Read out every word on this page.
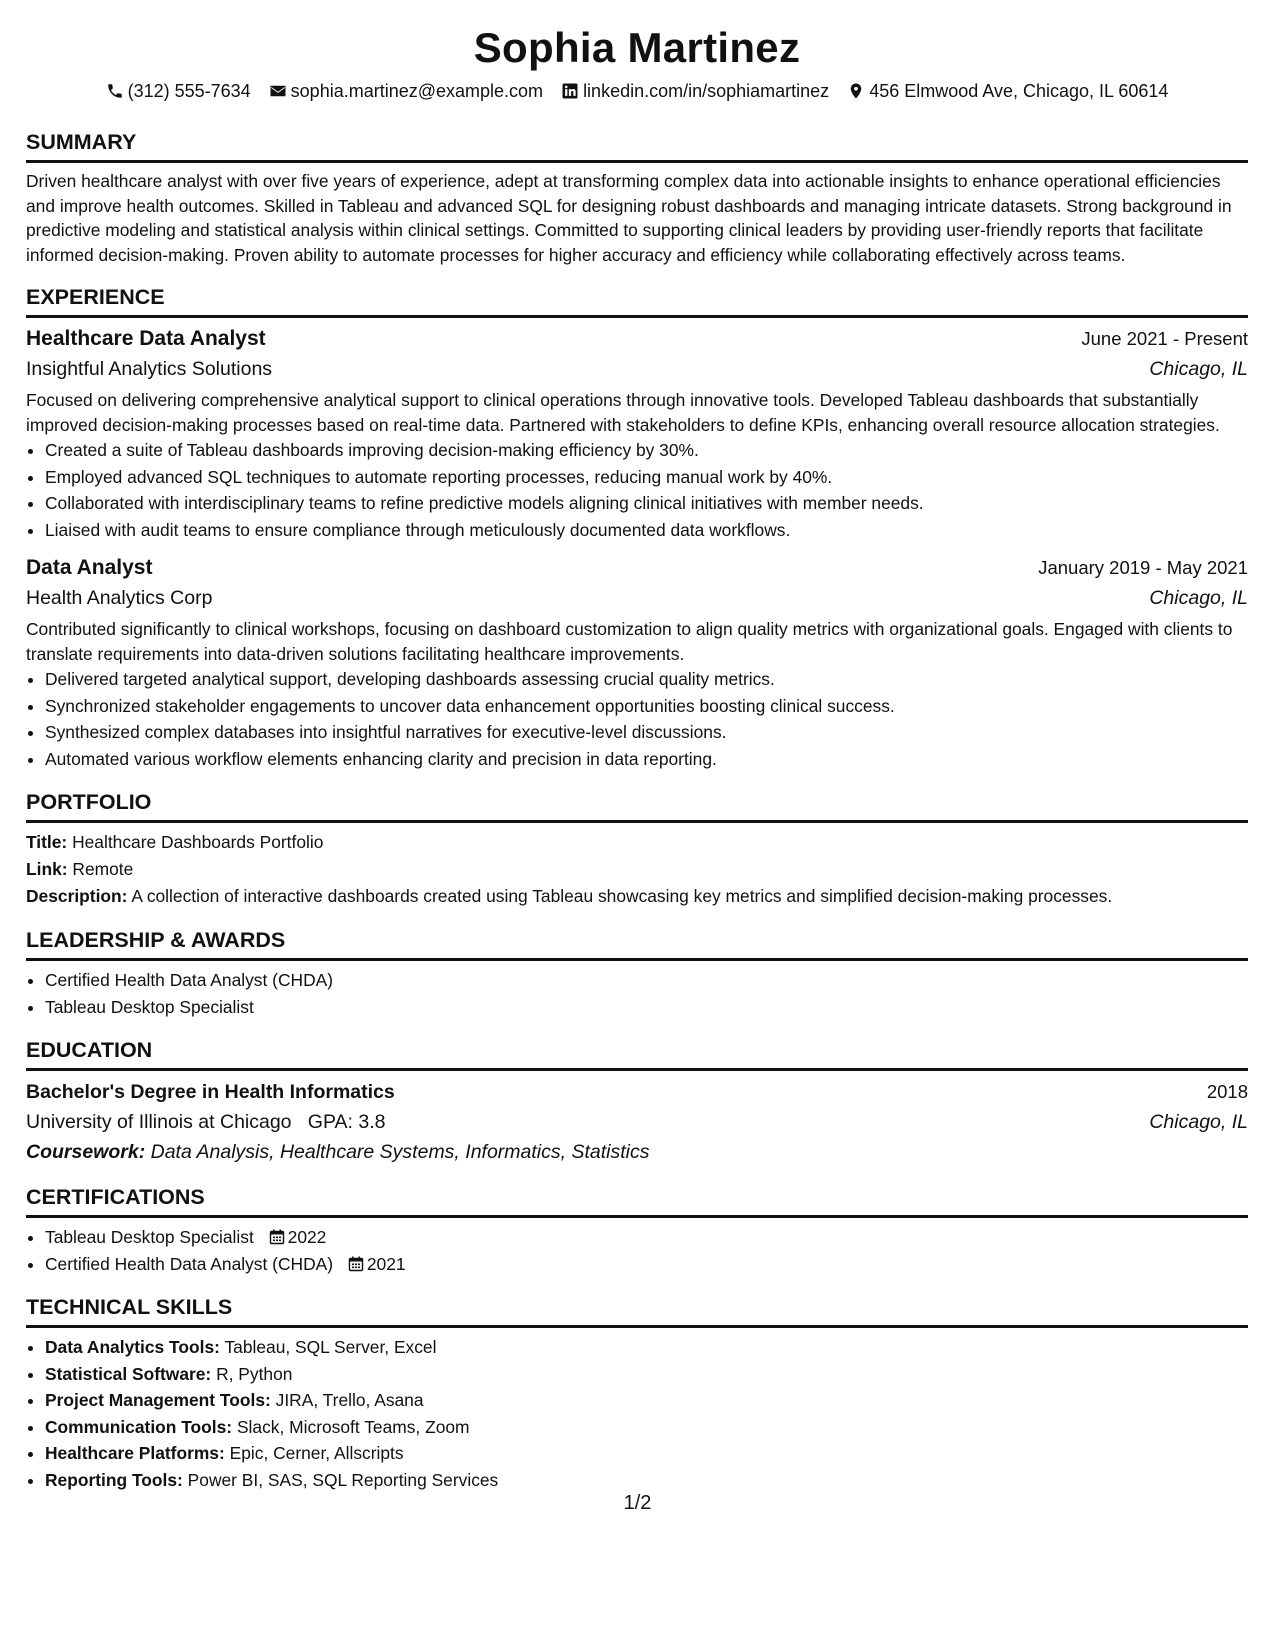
Sophia Martinez
(312) 555-7634 sophia.martinez@example.com linkedin.com/in/sophiamartinez 456 Elmwood Ave, Chicago, IL 60614
SUMMARY
Driven healthcare analyst with over five years of experience, adept at transforming complex data into actionable insights to enhance operational efficiencies and improve health outcomes. Skilled in Tableau and advanced SQL for designing robust dashboards and managing intricate datasets. Strong background in predictive modeling and statistical analysis within clinical settings. Committed to supporting clinical leaders by providing user-friendly reports that facilitate informed decision-making. Proven ability to automate processes for higher accuracy and efficiency while collaborating effectively across teams.
EXPERIENCE
Healthcare Data Analyst	June 2021 - Present
Insightful Analytics Solutions	Chicago, IL
Focused on delivering comprehensive analytical support to clinical operations through innovative tools. Developed Tableau dashboards that substantially improved decision-making processes based on real-time data. Partnered with stakeholders to define KPIs, enhancing overall resource allocation strategies.
• Created a suite of Tableau dashboards improving decision-making efficiency by 30%.
• Employed advanced SQL techniques to automate reporting processes, reducing manual work by 40%.
• Collaborated with interdisciplinary teams to refine predictive models aligning clinical initiatives with member needs.
• Liaised with audit teams to ensure compliance through meticulously documented data workflows.
Data Analyst	January 2019 - May 2021
Health Analytics Corp	Chicago, IL
Contributed significantly to clinical workshops, focusing on dashboard customization to align quality metrics with organizational goals. Engaged with clients to translate requirements into data-driven solutions facilitating healthcare improvements.
• Delivered targeted analytical support, developing dashboards assessing crucial quality metrics.
• Synchronized stakeholder engagements to uncover data enhancement opportunities boosting clinical success.
• Synthesized complex databases into insightful narratives for executive-level discussions.
• Automated various workflow elements enhancing clarity and precision in data reporting.
PORTFOLIO
Title: Healthcare Dashboards Portfolio
Link: Remote
Description: A collection of interactive dashboards created using Tableau showcasing key metrics and simplified decision-making processes.
LEADERSHIP & AWARDS
• Certified Health Data Analyst (CHDA)
• Tableau Desktop Specialist
EDUCATION
Bachelor's Degree in Health Informatics	2018
University of Illinois at Chicago GPA: 3.8	Chicago, IL
Coursework: Data Analysis, Healthcare Systems, Informatics, Statistics
CERTIFICATIONS
• Tableau Desktop Specialist 2022
• Certified Health Data Analyst (CHDA) 2021
TECHNICAL SKILLS
• Data Analytics Tools: Tableau, SQL Server, Excel
• Statistical Software: R, Python
• Project Management Tools: JIRA, Trello, Asana
• Communication Tools: Slack, Microsoft Teams, Zoom
• Healthcare Platforms: Epic, Cerner, Allscripts
• Reporting Tools: Power BI, SAS, SQL Reporting Services
1/2
